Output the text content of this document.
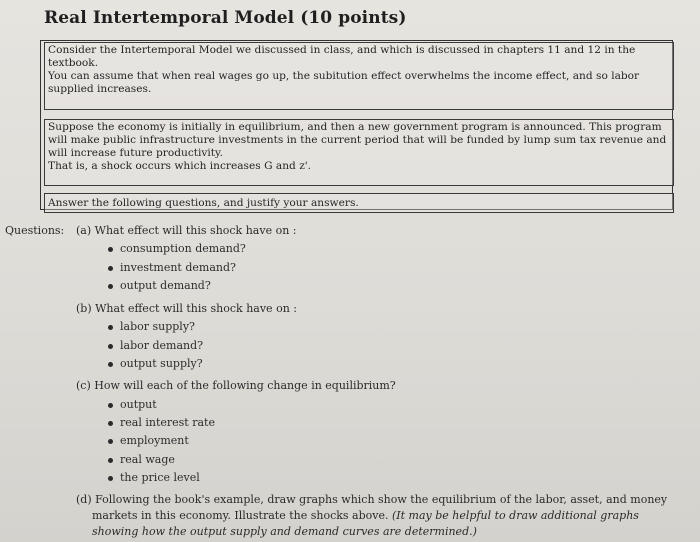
Real Intertemporal Model (10 points)
Consider the Intertemporal Model we discussed in class, and which is discussed in chapters 11 and 12 in the textbook.
You can assume that when real wages go up, the subitution effect overwhelms the income effect, and so labor supplied increases.
Suppose the economy is initially in equilibrium, and then a new government program is announced. This program will make public infrastructure investments in the current period that will be funded by lump sum tax revenue and will increase future productivity.
That is, a shock occurs which increases G and z'.
Answer the following questions, and justify your answers.
Questions: (a) What effect will this shock have on :
consumption demand?
investment demand?
output demand?
(b) What effect will this shock have on :
labor supply?
labor demand?
output supply?
(c) How will each of the following change in equilibrium?
output
real interest rate
employment
real wage
the price level
(d) Following the book's example, draw graphs which show the equilibrium of the labor, asset, and money
markets in this economy. Illustrate the shocks above. (It may be helpful to draw additional graphs
showing how the output supply and demand curves are determined.)
